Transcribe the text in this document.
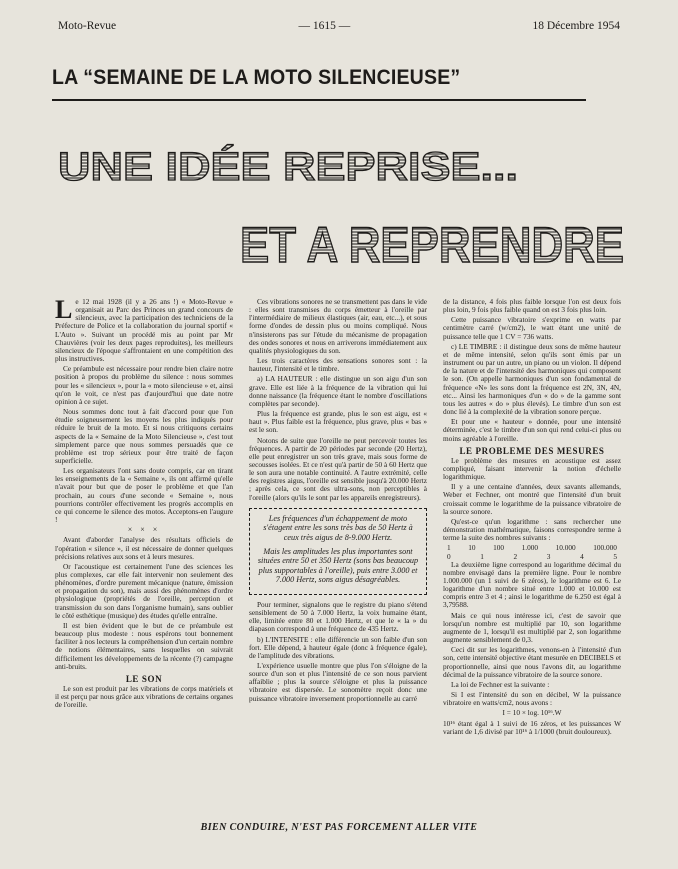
Moto-Revue	— 1615 —	18 Décembre 1954
LA “SEMAINE DE LA MOTO SILENCIEUSE”
UNE IDÉE REPRISE...
ET A REPRENDRE

Le 12 mai 1928 (il y a 26 ans !) « Moto-Revue » organisait au Parc des Princes un grand concours de silencieux, avec la participation des techniciens de la Préfecture de Police et la collaboration du journal sportif « L'Auto ». Suivant un procédé mis au point par Mr Chauvières (voir les deux pages reproduites), les meilleurs silencieux de l'époque s'affrontaient en une compétition des plus instructives.

Ce préambule est nécessaire pour rendre bien claire notre position à propos du problème du silence : nous sommes pour les « silencieux », pour la « moto silencieuse » et, ainsi qu'on le voit, ce n'est pas d'aujourd'hui que date notre opinion à ce sujet.

Nous sommes donc tout à fait d'accord pour que l'on étudie soigneusement les moyens les plus indiqués pour réduire le bruit de la moto. Et si nous critiquons certains aspects de la « Semaine de la Moto Silencieuse », c'est tout simplement parce que nous sommes persuadés que ce problème est trop sérieux pour être traité de façon superficielle.

Les organisateurs l'ont sans doute compris, car en tirant les enseignements de la « Semaine », ils ont affirmé qu'elle n'avait pour but que de poser le problème et que l'an prochain, au cours d'une seconde « Semaine », nous pourrions contrôler effectivement les progrès accomplis en ce qui concerne le silence des motos. Acceptons-en l'augure !

× × ×

Avant d'aborder l'analyse des résultats officiels de l'opération « silence », il est nécessaire de donner quelques précisions relatives aux sons et à leurs mesures.

Or l'acoustique est certainement l'une des sciences les plus complexes, car elle fait intervenir non seulement des phénomènes, d'ordre purement mécanique (nature, émission et propagation du son), mais aussi des phénomènes d'ordre physiologique (propriétés de l'oreille, perception et transmission du son dans l'organisme humain), sans oublier le côté esthétique (musique) des études qu'elle entraîne.

Il est bien évident que le but de ce préambule est beaucoup plus modeste : nous espérons tout bonnement faciliter à nos lecteurs la compréhension d'un certain nombre de notions élémentaires, sans lesquelles on suivrait difficilement les développements de la récente (?) campagne anti-bruits.

LE SON

Le son est produit par les vibrations de corps matériels et il est perçu par nous grâce aux vibrations de certains organes de l'oreille.

Ces vibrations sonores ne se transmettent pas dans le vide : elles sont transmises du corps émetteur à l'oreille par l'intermédiaire de milieux élastiques (air, eau, etc...), et sous forme d'ondes de dessin plus ou moins compliqué. Nous n'insisterons pas sur l'étude du mécanisme de propagation des ondes sonores et nous en arriverons immédiatement aux qualités physiologiques du son.

Les trois caractères des sensations sonores sont : la hauteur, l'intensité et le timbre.

a) LA HAUTEUR : elle distingue un son aigu d'un son grave. Elle est liée à la fréquence de la vibration qui lui donne naissance (la fréquence étant le nombre d'oscillations complètes par seconde).

Plus la fréquence est grande, plus le son est aigu, est « haut ». Plus faible est la fréquence, plus grave, plus « bas » est le son.

Notons de suite que l'oreille ne peut percevoir toutes les fréquences. A partir de 20 périodes par seconde (20 Hertz), elle peut enregistrer un son très grave, mais sous forme de secousses isolées. Et ce n'est qu'à partir de 50 à 60 Hertz que le son aura une notable continuité. A l'autre extrémité, celle des registres aigus, l'oreille est sensible jusqu'à 20.000 Hertz ; après cela, ce sont des ultra-sons, non perceptibles à l'oreille (alors qu'ils le sont par les appareils enregistreurs).

Les fréquences d'un échappement de moto s'étagent entre les sons très bas de 50 Hertz à ceux très aigus de 8-9.000 Hertz.

Mais les amplitudes les plus importantes sont situées entre 50 et 350 Hertz (sons bas beaucoup plus supportables à l'oreille), puis entre 3.000 et 7.000 Hertz, sons aigus désagréables.

Pour terminer, signalons que le registre du piano s'étend sensiblement de 50 à 7.000 Hertz, la voix humaine étant, elle, limitée entre 80 et 1.000 Hertz, et que le « la » du diapason correspond à une fréquence de 435 Hertz.

b) L'INTENSITE : elle différencie un son faible d'un son fort. Elle dépend, à hauteur égale (donc à fréquence égale), de l'amplitude des vibrations.

L'expérience usuelle montre que plus l'on s'éloigne de la source d'un son et plus l'intensité de ce son nous parvient affaiblie ; plus la source s'éloigne et plus la puissance vibratoire est dispersée. Le sonomètre reçoit donc une puissance vibratoire inversement proportionnelle au carré

de la distance, 4 fois plus faible lorsque l'on est deux fois plus loin, 9 fois plus faible quand on est 3 fois plus loin.

Cette puissance vibratoire s'exprime en watts par centimètre carré (w/cm2), le watt étant une unité de puissance telle que 1 CV = 736 watts.

c) LE TIMBRE : il distingue deux sons de même hauteur et de même intensité, selon qu'ils sont émis par un instrument ou par un autre, un piano ou un violon. Il dépend de la nature et de l'intensité des harmoniques qui composent le son. (On appelle harmoniques d'un son fondamental de fréquence «N» les sons dont la fréquence est 2N, 3N, 4N, etc... Ainsi les harmoniques d'un « do » de la gamme sont tous les autres « do » plus élevés). Le timbre d'un son est donc lié à la complexité de la vibration sonore perçue.

Et pour une « hauteur » donnée, pour une intensité déterminée, c'est le timbre d'un son qui rend celui-ci plus ou moins agréable à l'oreille.

LE PROBLEME DES MESURES

Le problème des mesures en acoustique est assez compliqué, faisant intervenir la notion d'échelle logarithmique.

Il y a une centaine d'années, deux savants allemands, Weber et Fechner, ont montré que l'intensité d'un bruit croissait comme le logarithme de la puissance vibratoire de la source sonore.

Qu'est-ce qu'un logarithme : sans rechercher une démonstration mathématique, faisons correspondre terme à terme la suite des nombres suivants :

1 10 100 1.000 10.000 100.000
0	1	2	3	4	5

La deuxième ligne correspond au logarithme décimal du nombre envisagé dans la première ligne. Pour le nombre 1.000.000 (un 1 suivi de 6 zéros), le logarithme est 6. Le logarithme d'un nombre situé entre 1.000 et 10.000 est compris entre 3 et 4 ; ainsi le logarithme de 6.250 est égal à 3,79588.

Mais ce qui nous intéresse ici, c'est de savoir que lorsqu'un nombre est multiplié par 10, son logarithme augmente de 1, lorsqu'il est multiplié par 2, son logarithme augmente sensiblement de 0,3.

Ceci dit sur les logarithmes, venons-en à l'intensité d'un son, cette intensité objective étant mesurée en DECIBELS et proportionnelle, ainsi que nous l'avons dit, au logarithme décimal de la puissance vibratoire de la source sonore.

La loi de Fechner est la suivante :

Si I est l'intensité du son en décibel, W la puissance vibratoire en watts/cm2, nous avons :

I = 10 × log. 10¹⁶.W

10¹⁶ étant égal à 1 suivi de 16 zéros, et les puissances W variant de 1,6 divisé par 10¹⁶ à 1/1000 (bruit douloureux).

BIEN CONDUIRE, N'EST PAS FORCEMENT ALLER VITE
